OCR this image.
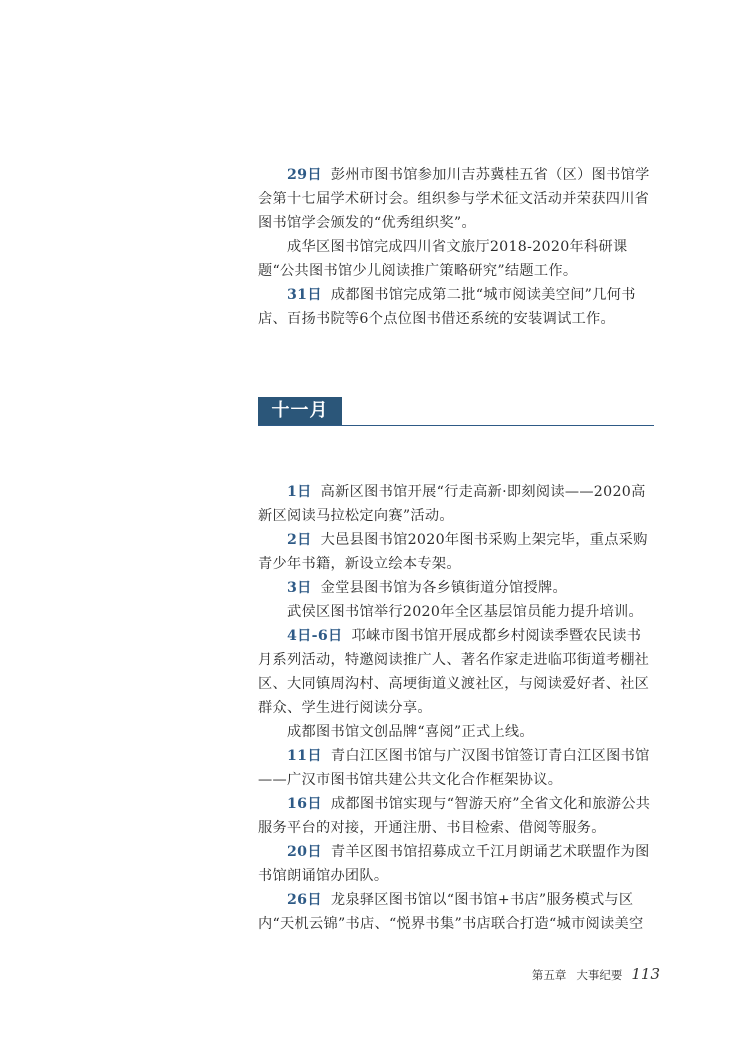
29日 彭州市图书馆参加川吉苏冀桂五省（区）图书馆学会第十七届学术研讨会。组织参与学术征文活动并荣获四川省图书馆学会颁发的“优秀组织奖”。

成华区图书馆完成四川省文旅厅2018-2020年科研课题“公共图书馆少儿阅读推广策略研究”结题工作。

31日 成都图书馆完成第二批“城市阅读美空间”几何书店、百扬书院等6个点位图书借还系统的安装调试工作。

十一月

1日 高新区图书馆开展“行走高新·即刻阅读——2020高新区阅读马拉松定向赛”活动。

2日 大邑县图书馆2020年图书采购上架完毕，重点采购青少年书籍，新设立绘本专架。

3日 金堂县图书馆为各乡镇街道分馆授牌。

武侯区图书馆举行2020年全区基层馆员能力提升培训。

4日-6日 邛崃市图书馆开展成都乡村阅读季暨农民读书月系列活动，特邀阅读推广人、著名作家走进临邛街道考棚社区、大同镇周沟村、高埂街道义渡社区，与阅读爱好者、社区群众、学生进行阅读分享。

成都图书馆文创品牌“喜阅”正式上线。

11日 青白江区图书馆与广汉图书馆签订青白江区图书馆——广汉市图书馆共建公共文化合作框架协议。

16日 成都图书馆实现与“智游天府”全省文化和旅游公共服务平台的对接，开通注册、书目检索、借阅等服务。

20日 青羊区图书馆招募成立千江月朗诵艺术联盟作为图书馆朗诵馆办团队。

26日 龙泉驿区图书馆以“图书馆+书店”服务模式与区内“天机云锦”书店、“悦界书集”书店联合打造“城市阅读美空

第五章 大事纪要 113
